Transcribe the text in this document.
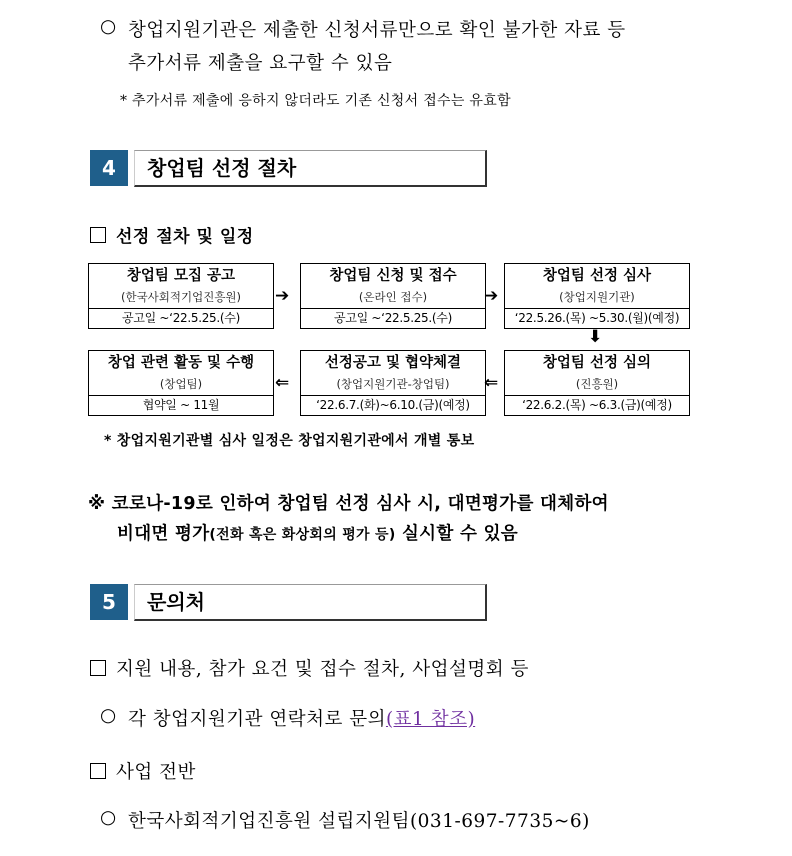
○ 창업지원기관은 제출한 신청서류만으로 확인 불가한 자료 등
추가서류 제출을 요구할 수 있음
* 추가서류 제출에 응하지 않더라도 기존 신청서 접수는 유효함
4	창업팀 선정 절차
선정 절차 및 일정
창업팀 모집 공고
(한국사회적기업진흥원)
공고일 ~‘22.5.25.(수)
➔
창업팀 신청 및 접수
(온라인 접수)
공고일 ~‘22.5.25.(수)
➔
창업팀 선정 심사
(창업지원기관)
‘22.5.26.(목) ~5.30.(월)(예정)
⬇
창업 관련 활동 및 수행
(창업팀)
협약일 ~ 11월
⇐
선정공고 및 협약체결
(창업지원기관-창업팀)
‘22.6.7.(화)~6.10.(금)(예정)
⇐
창업팀 선정 심의
(진흥원)
‘22.6.2.(목) ~6.3.(금)(예정)
* 창업지원기관별 심사 일정은 창업지원기관에서 개별 통보
※ 코로나-19로 인하여 창업팀 선정 심사 시, 대면평가를 대체하여
비대면 평가(전화 혹은 화상회의 평가 등) 실시할 수 있음
5	문의처
지원 내용, 참가 요건 및 접수 절차, 사업설명회 등
○ 각 창업지원기관 연락처로 문의(표1 참조)
사업 전반
○ 한국사회적기업진흥원 설립지원팀(031-697-7735~6)
